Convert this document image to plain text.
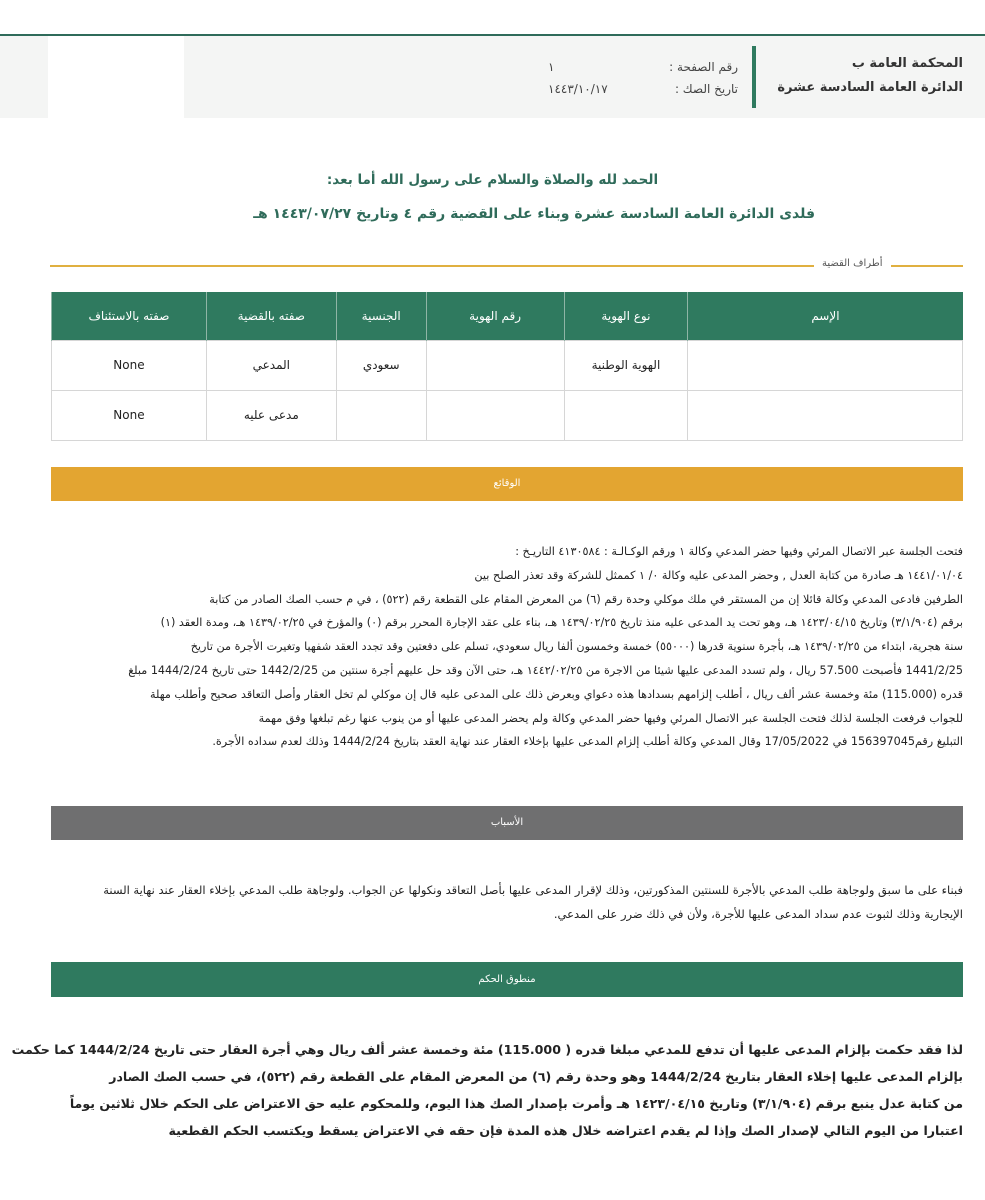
المحكمة العامة ب
الدائرة العامة السادسة عشرة
رقم الصفحة :
١
تاريخ الصك :
١٤٤٣/١٠/١٧
الحمد لله والصلاة والسلام على رسول الله أما بعد:
فلدى الدائرة العامة السادسة عشرة وبناء على القضية رقم ٤ وتاريخ ١٤٤٣/٠٧/٢٧ هـ
أطراف القضية
الإسم	نوع الهوية	رقم الهوية	الجنسية	صفته بالقضية	صفته بالاستئناف
	الهوية الوطنية		سعودي	المدعي	None
				مدعى عليه	None
الوقائع

فتحت الجلسة عبر الاتصال المرئي وفيها حضر المدعي وكالة ١ ورقم الوكـالـة : ٤١٣٠٥٨٤ التاريـخ :

١٤٤١/٠١/٠٤ هـ صادرة من كتابة العدل , وحضر المدعى عليه وكالة ٠/ ١ كممثل للشركة وقد تعذر الصلح بين

الطرفين فادعى المدعي وكالة قائلا إن من المستقر في ملك موكلي وحدة رقم (٦) من المعرض المقام على القطعة رقم (٥٢٢) ، في م حسب الصك الصادر من كتابة

برقم (٣/١/٩٠٤) وتاريخ ١٤٢٣/٠٤/١٥ هـ، وهو تحت يد المدعى عليه منذ تاريخ ١٤٣٩/٠٢/٢٥ هـ، بناء على عقد الإجارة المحرر برقم (٠) والمؤرخ في ١٤٣٩/٠٢/٢٥ هـ، ومدة العقد (١)

سنة هجرية، ابتداء من ١٤٣٩/٠٢/٢٥ هـ، بأجرة سنوية قدرها (٥٥٠٠٠) خمسة وخمسون ألفا ريال سعودي، تسلم على دفعتين وقد تجدد العقد شفهيا وتغيرت الأجرة من تاريخ

1441/2/25 فأصبحت 57.500 ريال ، ولم تسدد المدعى عليها شيئا من الاجرة من ١٤٤٢/٠٢/٢٥ هـ، حتى الآن وقد حل عليهم أجرة سنتين من 1442/2/25 حتى تاريخ 1444/2/24 مبلغ

قدره (115.000) مئة وخمسة عشر ألف ريال ، أطلب إلزامهم بسدادها هذه دعواي وبعرض ذلك على المدعى عليه قال إن موكلي لم تخل العقار وأصل التعاقد صحيح وأطلب مهلة

للجواب فرفعت الجلسة لذلك فتحت الجلسة عبر الاتصال المرئي وفيها حضر المدعي وكالة ولم يحضر المدعى عليها أو من ينوب عنها رغم تبلغها وفق مهمة

التبليغ رقم156397045 في 17/05/2022 وقال المدعي وكالة أطلب إلزام المدعى عليها بإخلاء العقار عند نهاية العقد بتاريخ 1444/2/24 وذلك لعدم سداده الأجرة.

الأسباب

فبناء على ما سبق ولوجاهة طلب المدعي بالأجرة للسنتين المذكورتين، وذلك لإقرار المدعى عليها بأصل التعاقد ونكولها عن الجواب. ولوجاهة طلب المدعي بإخلاء العقار عند نهاية السنة

الإيجارية وذلك لثبوت عدم سداد المدعى عليها للأجرة، ولأن في ذلك ضرر على المدعي.

منطوق الحكم

لذا فقد حكمت بإلزام المدعى عليها أن تدفع للمدعي مبلغا قدره ( 115.000) مئة وخمسة عشر ألف ريال وهي أجرة العقار حتى تاريخ 1444/2/24 كما حكمت

بإلزام المدعى عليها إخلاء العقار بتاريخ 1444/2/24 وهو وحدة رقم (٦) من المعرض المقام على القطعة رقم (٥٢٢)، في حسب الصك الصادر

من كتابة عدل ينبع برقم (٣/١/٩٠٤) وتاريخ ١٤٢٣/٠٤/١٥ هـ وأمرت بإصدار الصك هذا اليوم، وللمحكوم عليه حق الاعتراض على الحكم خلال ثلاثين يوماً

اعتبارا من اليوم التالي لإصدار الصك وإذا لم يقدم اعتراضه خلال هذه المدة فإن حقه في الاعتراض يسقط ويكتسب الحكم القطعية
